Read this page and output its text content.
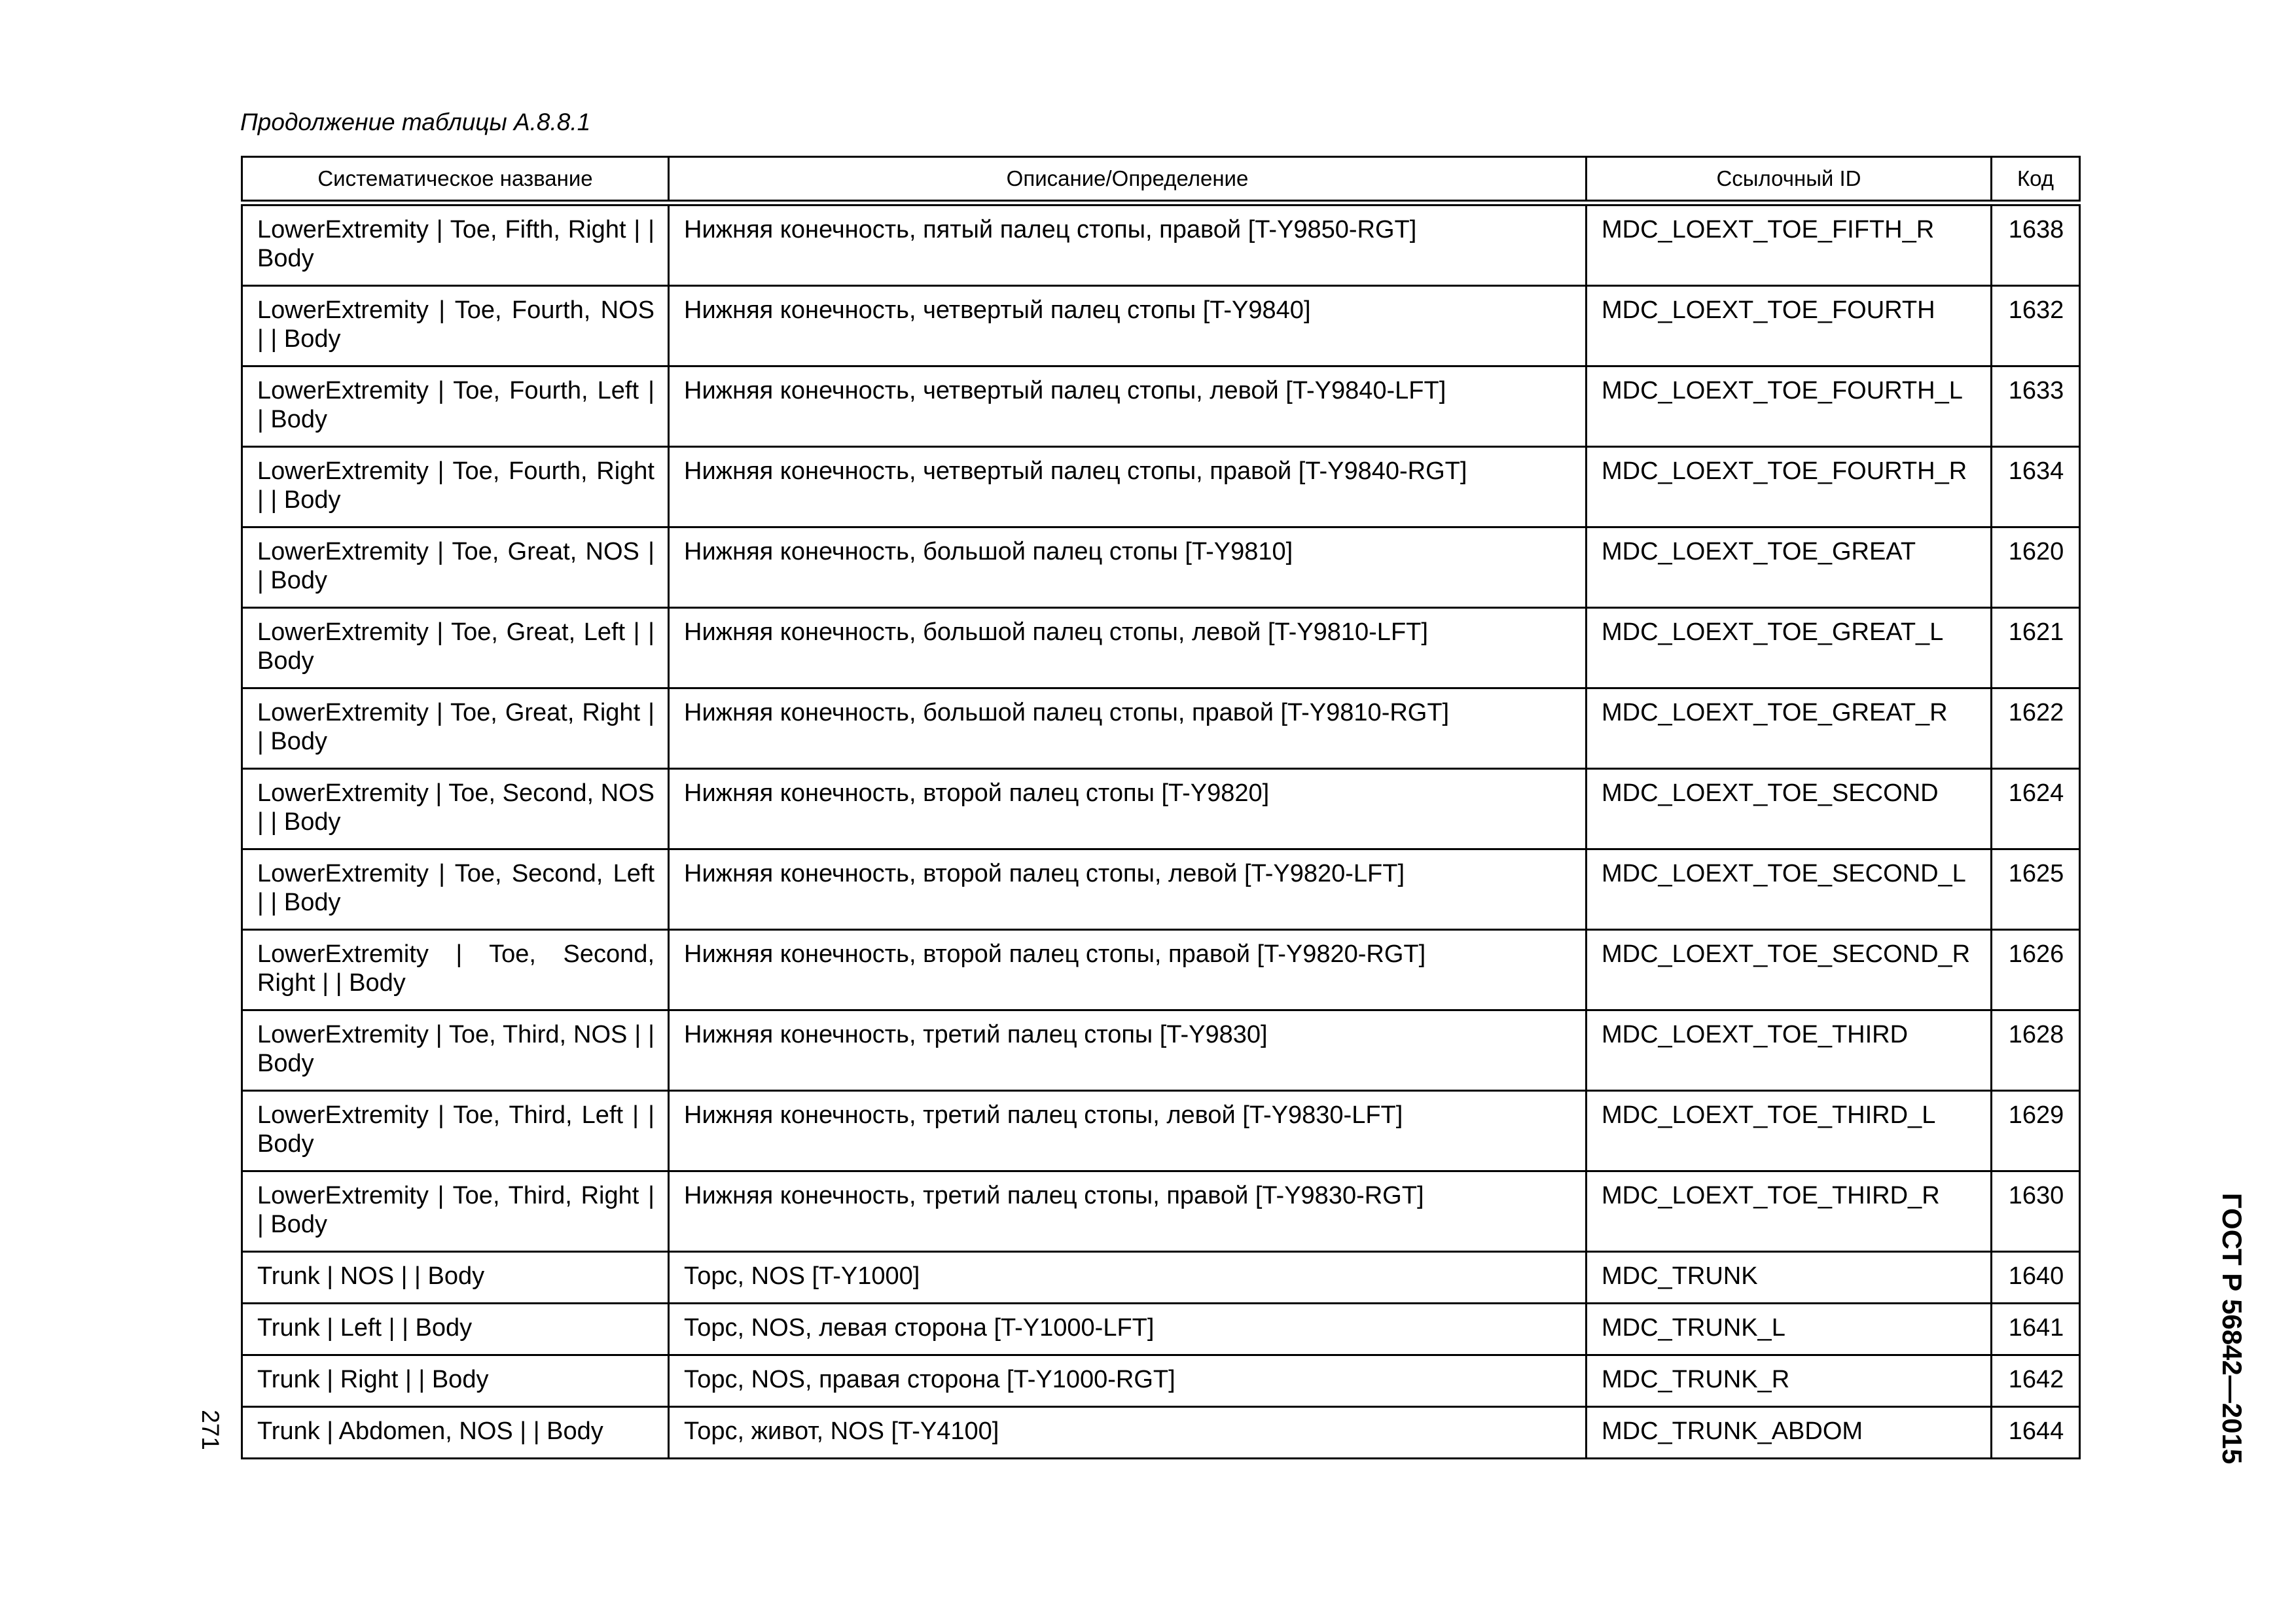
Продолжение таблицы А.8.8.1

Систематическое название	Описание/Определение	Ссылочный ID	Код
LowerExtremity | Toe, Fifth, Right | | Body	Нижняя конечность, пятый палец стопы, правой [T-Y9850-RGT]	MDC_LOEXT_TOE_FIFTH_R	1638
LowerExtremity | Toe, Fourth, NOS | | Body	Нижняя конечность, четвертый палец стопы [T-Y9840]	MDC_LOEXT_TOE_FOURTH	1632
LowerExtremity | Toe, Fourth, Left | | Body	Нижняя конечность, четвертый палец стопы, левой [T-Y9840-LFT]	MDC_LOEXT_TOE_FOURTH_L	1633
LowerExtremity | Toe, Fourth, Right | | Body	Нижняя конечность, четвертый палец стопы, правой [T-Y9840-RGT]	MDC_LOEXT_TOE_FOURTH_R	1634
LowerExtremity | Toe, Great, NOS | | Body	Нижняя конечность, большой палец стопы [T-Y9810]	MDC_LOEXT_TOE_GREAT	1620
LowerExtremity | Toe, Great, Left | | Body	Нижняя конечность, большой палец стопы, левой [T-Y9810-LFT]	MDC_LOEXT_TOE_GREAT_L	1621
LowerExtremity | Toe, Great, Right | | Body	Нижняя конечность, большой палец стопы, правой [T-Y9810-RGT]	MDC_LOEXT_TOE_GREAT_R	1622
LowerExtremity | Toe, Second, NOS | | Body	Нижняя конечность, второй палец стопы [T-Y9820]	MDC_LOEXT_TOE_SECOND	1624
LowerExtremity | Toe, Second, Left | | Body	Нижняя конечность, второй палец стопы, левой [T-Y9820-LFT]	MDC_LOEXT_TOE_SECOND_L	1625
LowerExtremity | Toe, Second, Right | | Body	Нижняя конечность, второй палец стопы, правой [T-Y9820-RGT]	MDC_LOEXT_TOE_SECOND_R	1626
LowerExtremity | Toe, Third, NOS | | Body	Нижняя конечность, третий палец стопы [T-Y9830]	MDC_LOEXT_TOE_THIRD	1628
LowerExtremity | Toe, Third, Left | | Body	Нижняя конечность, третий палец стопы, левой [T-Y9830-LFT]	MDC_LOEXT_TOE_THIRD_L	1629
LowerExtremity | Toe, Third, Right | | Body	Нижняя конечность, третий палец стопы, правой [T-Y9830-RGT]	MDC_LOEXT_TOE_THIRD_R	1630
Trunk | NOS | | Body	Торс, NOS [T-Y1000]	MDC_TRUNK	1640
Trunk | Left | | Body	Торс, NOS, левая сторона [T-Y1000-LFT]	MDC_TRUNK_L	1641
Trunk | Right | | Body	Торс, NOS, правая сторона [T-Y1000-RGT]	MDC_TRUNK_R	1642
Trunk | Abdomen, NOS | | Body	Торс, живот, NOS [T-Y4100]	MDC_TRUNK_ABDOM	1644
271	ГОСТ Р 56842—2015
